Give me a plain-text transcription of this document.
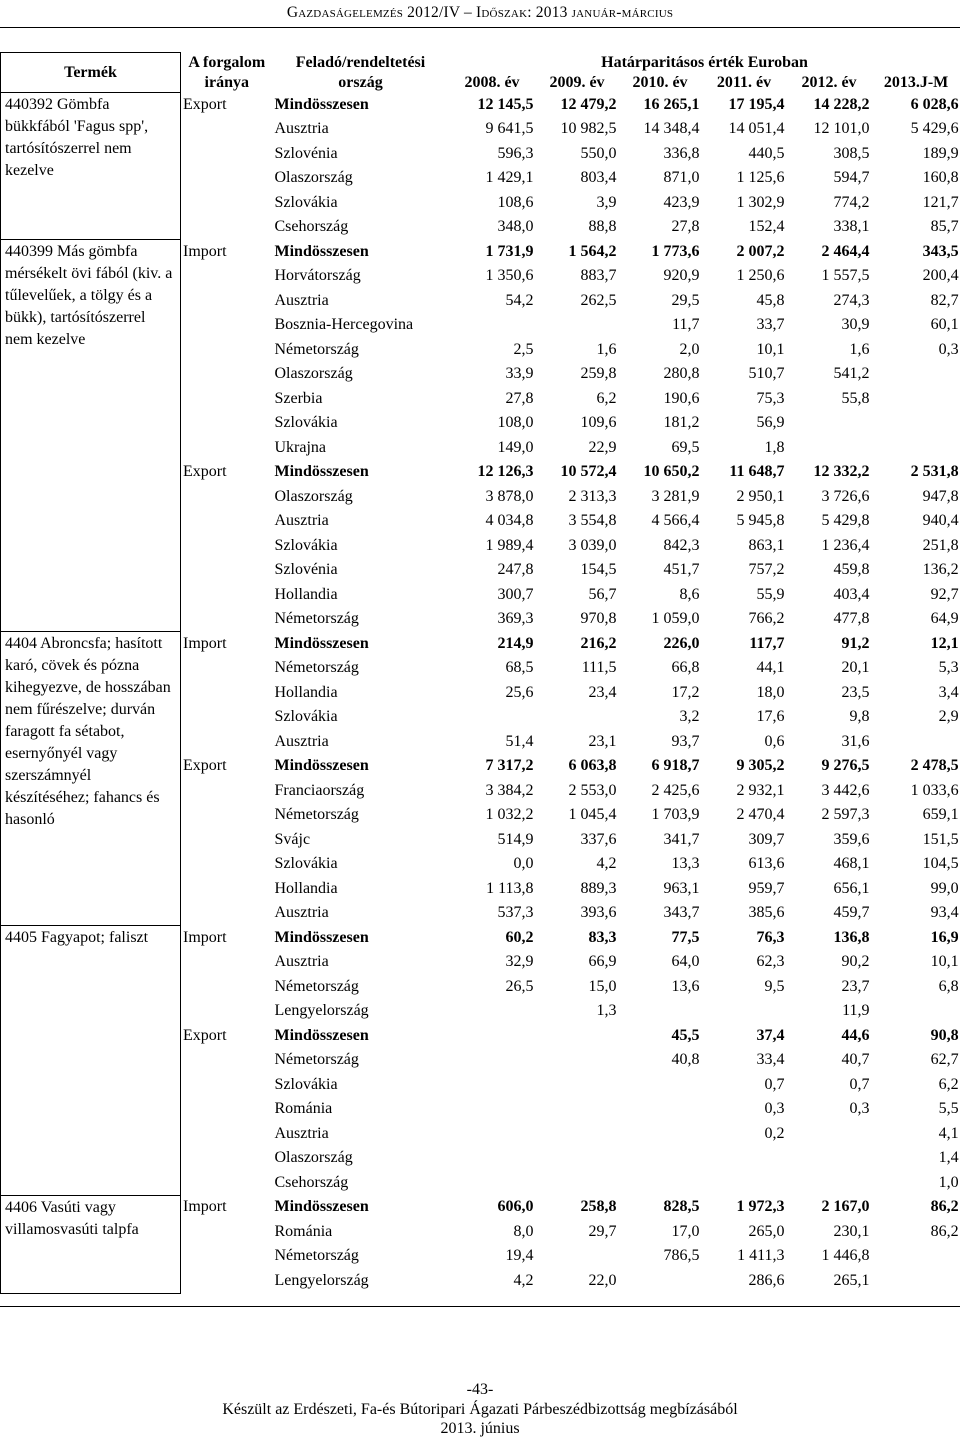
Gazdaságelemzés 2012/IV – Időszak: 2013 január-március
Termék	A forgalom	Feladó/rendeltetési	Határparitásos érték Euroban					
	iránya	ország	2008. év	2009. év	2010. év	2011. év	2012. év	2013.J-M
440392 Gömbfa bükkfából 'Fagus spp', tartósítószerrel nem kezelve	Export	Mindösszesen	12 145,5	12 479,2	16 265,1	17 195,4	14 228,2	6 028,6
		Ausztria	9 641,5	10 982,5	14 348,4	14 051,4	12 101,0	5 429,6
		Szlovénia	596,3	550,0	336,8	440,5	308,5	189,9
		Olaszország	1 429,1	803,4	871,0	1 125,6	594,7	160,8
		Szlovákia	108,6	3,9	423,9	1 302,9	774,2	121,7
		Csehország	348,0	88,8	27,8	152,4	338,1	85,7
440399 Más gömbfa mérsékelt övi fából (kiv. a tűlevelűek, a tölgy és a bükk), tartósítószerrel nem kezelve	Import	Mindösszesen	1 731,9	1 564,2	1 773,6	2 007,2	2 464,4	343,5
		Horvátország	1 350,6	883,7	920,9	1 250,6	1 557,5	200,4
		Ausztria	54,2	262,5	29,5	45,8	274,3	82,7
		Bosznia-Hercegovina			11,7	33,7	30,9	60,1
		Németország	2,5	1,6	2,0	10,1	1,6	0,3
		Olaszország	33,9	259,8	280,8	510,7	541,2	
		Szerbia	27,8	6,2	190,6	75,3	55,8	
		Szlovákia	108,0	109,6	181,2	56,9		
		Ukrajna	149,0	22,9	69,5	1,8		
	Export	Mindösszesen	12 126,3	10 572,4	10 650,2	11 648,7	12 332,2	2 531,8
		Olaszország	3 878,0	2 313,3	3 281,9	2 950,1	3 726,6	947,8
		Ausztria	4 034,8	3 554,8	4 566,4	5 945,8	5 429,8	940,4
		Szlovákia	1 989,4	3 039,0	842,3	863,1	1 236,4	251,8
		Szlovénia	247,8	154,5	451,7	757,2	459,8	136,2
		Hollandia	300,7	56,7	8,6	55,9	403,4	92,7
		Németország	369,3	970,8	1 059,0	766,2	477,8	64,9
4404 Abroncsfa; hasított karó, cövek és pózna kihegyezve, de hosszában nem fűrészelve; durván faragott fa sétabot, esernyőnyél vagy szerszámnyél készítéséhez; fahancs és hasonló	Import	Mindösszesen	214,9	216,2	226,0	117,7	91,2	12,1
		Németország	68,5	111,5	66,8	44,1	20,1	5,3
		Hollandia	25,6	23,4	17,2	18,0	23,5	3,4
		Szlovákia			3,2	17,6	9,8	2,9
		Ausztria	51,4	23,1	93,7	0,6	31,6	
	Export	Mindösszesen	7 317,2	6 063,8	6 918,7	9 305,2	9 276,5	2 478,5
		Franciaország	3 384,2	2 553,0	2 425,6	2 932,1	3 442,6	1 033,6
		Németország	1 032,2	1 045,4	1 703,9	2 470,4	2 597,3	659,1
		Svájc	514,9	337,6	341,7	309,7	359,6	151,5
		Szlovákia	0,0	4,2	13,3	613,6	468,1	104,5
		Hollandia	1 113,8	889,3	963,1	959,7	656,1	99,0
		Ausztria	537,3	393,6	343,7	385,6	459,7	93,4
4405 Fagyapot; faliszt	Import	Mindösszesen	60,2	83,3	77,5	76,3	136,8	16,9
		Ausztria	32,9	66,9	64,0	62,3	90,2	10,1
		Németország	26,5	15,0	13,6	9,5	23,7	6,8
		Lengyelország		1,3			11,9	
	Export	Mindösszesen			45,5	37,4	44,6	90,8
		Németország			40,8	33,4	40,7	62,7
		Szlovákia				0,7	0,7	6,2
		Románia				0,3	0,3	5,5
		Ausztria				0,2		4,1
		Olaszország						1,4
		Csehország						1,0
4406 Vasúti vagy villamosvasúti talpfa	Import	Mindösszesen	606,0	258,8	828,5	1 972,3	2 167,0	86,2
		Románia	8,0	29,7	17,0	265,0	230,1	86,2
		Németország	19,4		786,5	1 411,3	1 446,8	
		Lengyelország	4,2	22,0		286,6	265,1	
-43-
Készült az Erdészeti, Fa-és Bútoripari Ágazati Párbeszédbizottság megbízásából
2013. június
